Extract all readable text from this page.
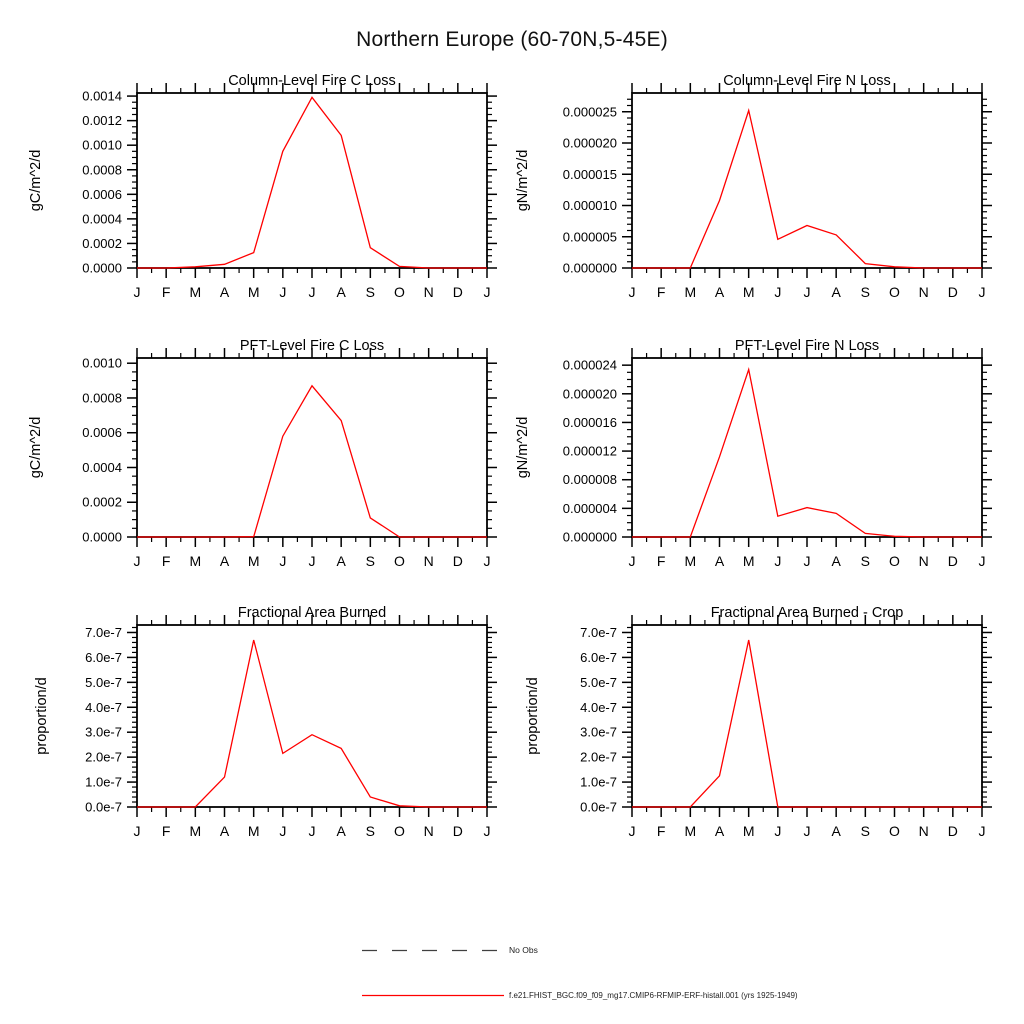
Northern Europe (60-70N,5-45E)
Column-Level Fire C Loss
gC/m^2/d
0.0000
0.0002
0.0004
0.0006
0.0008
0.0010
0.0012
0.0014
J F M A M J J A S O N D J
Column-Level Fire N Loss
gN/m^2/d
0.000000
0.000005
0.000010
0.000015
0.000020
0.000025
J F M A M J J A S O N D J
PFT-Level Fire C Loss
gC/m^2/d
0.0000
0.0002
0.0004
0.0006
0.0008
0.0010
J F M A M J J A S O N D J
PFT-Level Fire N Loss
gN/m^2/d
0.000000
0.000004
0.000008
0.000012
0.000016
0.000020
0.000024
J F M A M J J A S O N D J
Fractional Area Burned
proportion/d
0.0e-7
1.0e-7
2.0e-7
3.0e-7
4.0e-7
5.0e-7
6.0e-7
7.0e-7
J F M A M J J A S O N D J
Fractional Area Burned - Crop
proportion/d
0.0e-7
1.0e-7
2.0e-7
3.0e-7
4.0e-7
5.0e-7
6.0e-7
7.0e-7
J F M A M J J A S O N D J
No Obs
f.e21.FHIST_BGC.f09_f09_mg17.CMIP6-RFMIP-ERF-histall.001 (yrs 1925-1949)
